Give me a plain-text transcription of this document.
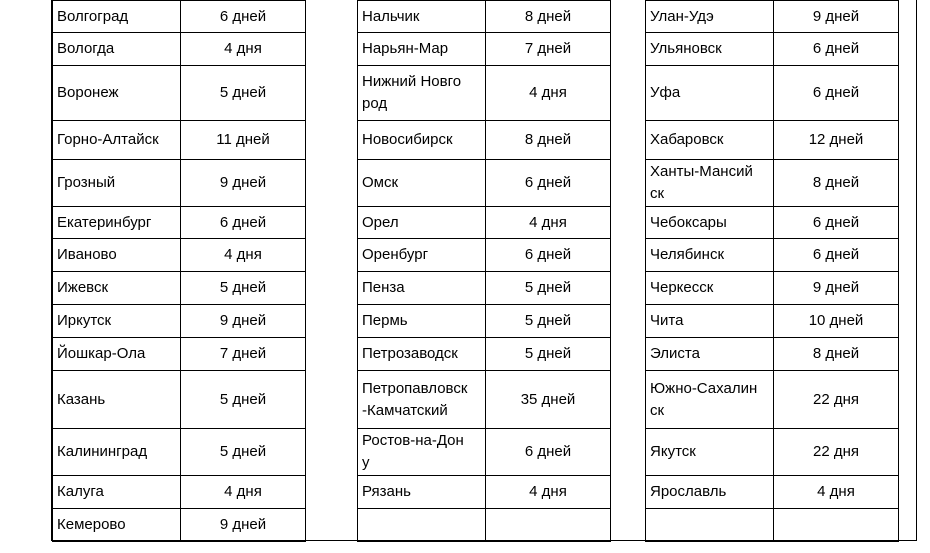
Волгоград	6 дней
Вологда	4 дня
Воронеж	5 дней
Горно-Алтайск	11 дней
Грозный	9 дней
Екатеринбург	6 дней
Иваново	4 дня
Ижевск	5 дней
Иркутск	9 дней
Йошкар-Ола	7 дней
Казань	5 дней
Калининград	5 дней
Калуга	4 дня
Кемерово	9 дней
Нальчик	8 дней
Нарьян-Мар	7 дней
Нижний Новго
род	4 дня
Новосибирск	8 дней
Омск	6 дней
Орел	4 дня
Оренбург	6 дней
Пенза	5 дней
Пермь	5 дней
Петрозаводск	5 дней
Петропавловск
-Камчатский	35 дней
Ростов-на-Дон
у	6 дней
Рязань	4 дня

Улан-Удэ	9 дней
Ульяновск	6 дней
Уфа	6 дней
Хабаровск	12 дней
Ханты-Мансий
ск	8 дней
Чебоксары	6 дней
Челябинск	6 дней
Черкесск	9 дней
Чита	10 дней
Элиста	8 дней
Южно-Сахалин
ск	22 дня
Якутск	22 дня
Ярославль	4 дня
